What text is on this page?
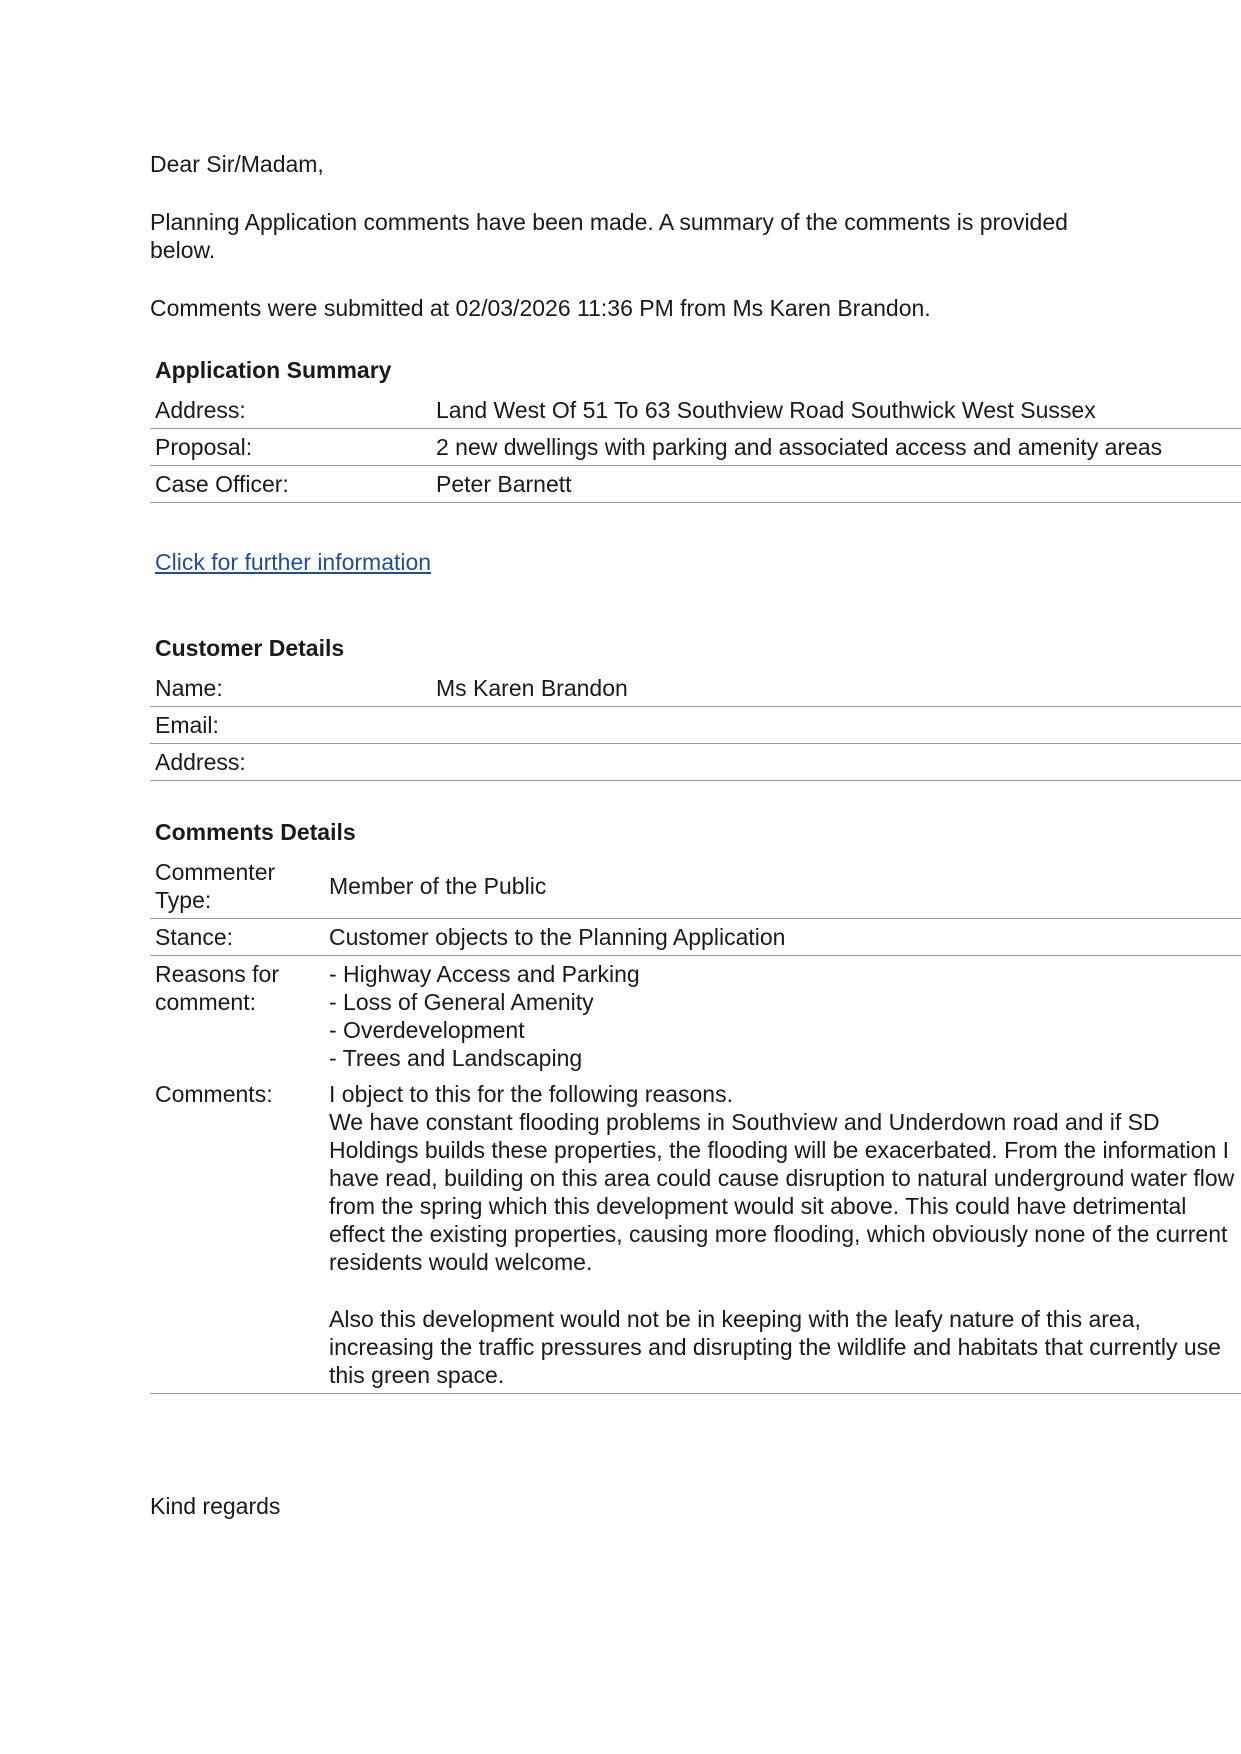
Dear Sir/Madam,

Planning Application comments have been made. A summary of the comments is provided below.

Comments were submitted at 02/03/2026 11:36 PM from Ms Karen Brandon.

Application Summary
Address:	Land West Of 51 To 63 Southview Road Southwick West Sussex
Proposal:	2 new dwellings with parking and associated access and amenity areas
Case Officer:	Peter Barnett
Click for further information
Customer Details
Name:	Ms Karen Brandon
Email:	
Address:	
Comments Details
Commenter Type:	Member of the Public
Stance:	Customer objects to the Planning Application
Reasons for comment:	- Highway Access and Parking
- Loss of General Amenity
- Overdevelopment
- Trees and Landscaping

Comments:	I object to this for the following reasons.
We have constant flooding problems in Southview and Underdown road and if SD Holdings builds these properties, the flooding will be exacerbated. From the information I have read, building on this area could cause disruption to natural underground water flow from the spring which this development would sit above. This could have detrimental effect the existing properties, causing more flooding, which obviously none of the current residents would welcome.
Also this development would not be in keeping with the leafy nature of this area, increasing the traffic pressures and disrupting the wildlife and habitats that currently use this green space.

Kind regards
